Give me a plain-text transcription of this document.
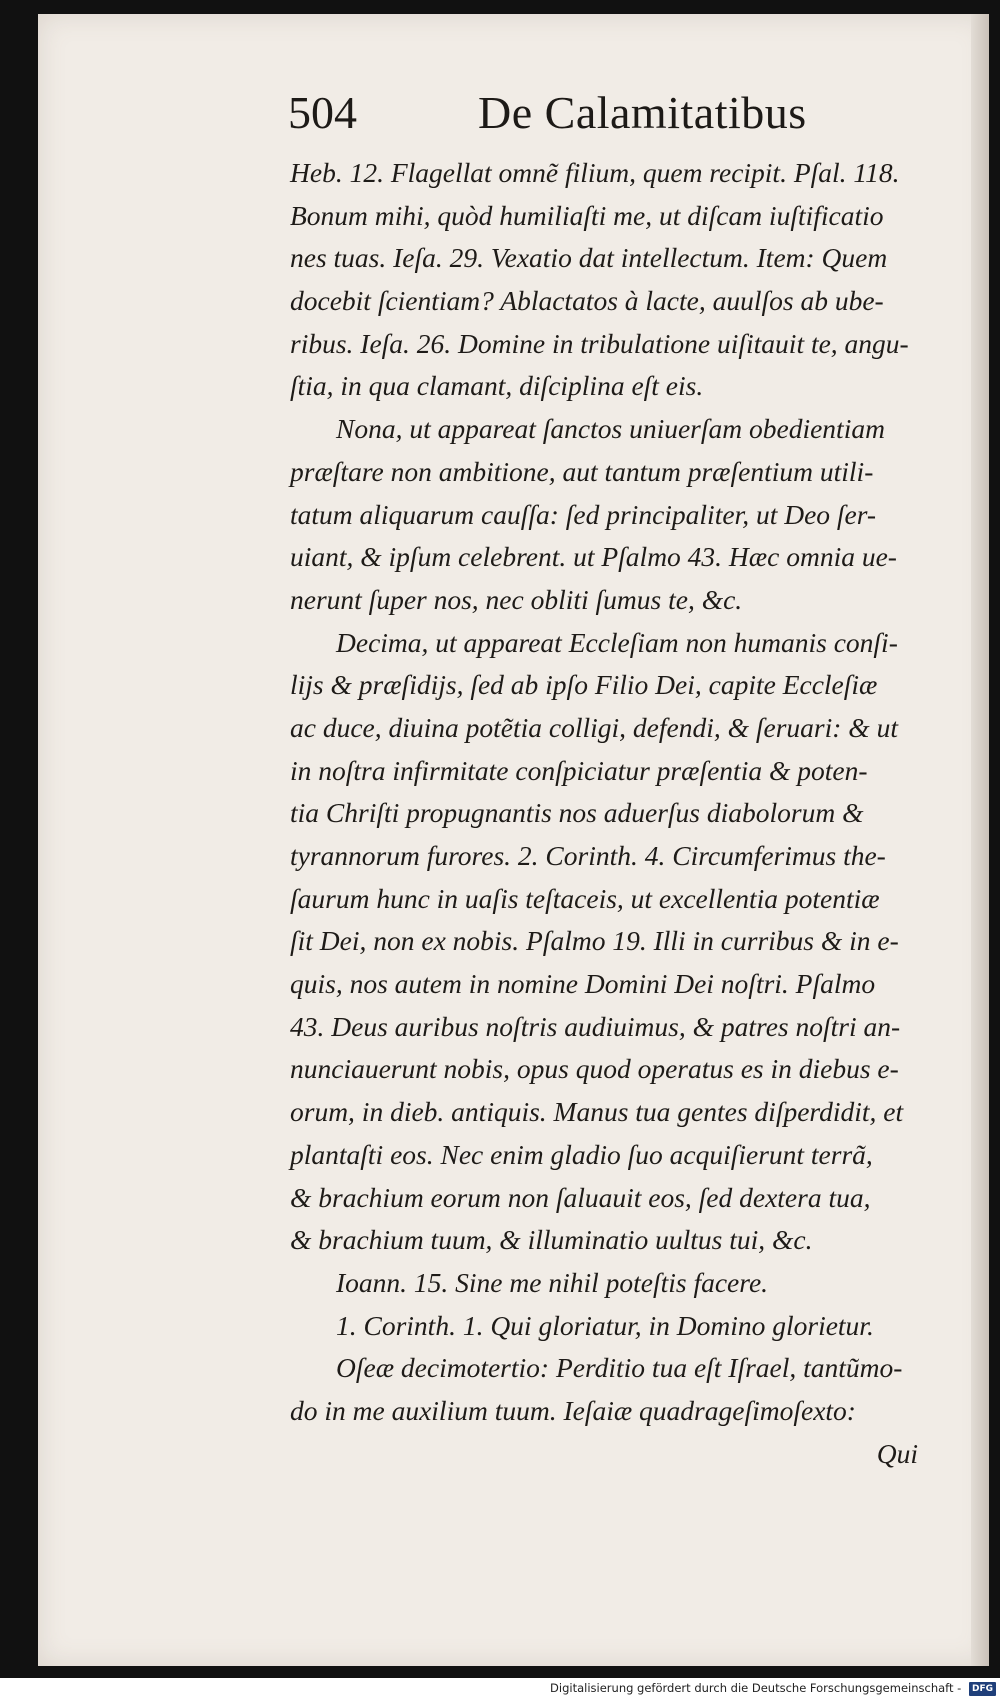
504	De Calamitatibus
Heb. 12. Flagellat omnẽ filium, quem recipit. Pſal. 118.
Bonum mihi, quòd humiliaſti me, ut diſcam iuſtificatio
nes tuas. Ieſa. 29. Vexatio dat intellectum. Item: Quem
docebit ſcientiam? Ablactatos à lacte, auulſos ab ube-
ribus. Ieſa. 26. Domine in tribulatione uiſitauit te, angu-
ſtia, in qua clamant, diſciplina eſt eis.
Nona, ut appareat ſanctos uniuerſam obedientiam
præſtare non ambitione, aut tantum præſentium utili-
tatum aliquarum cauſſa: ſed principaliter, ut Deo ſer-
uiant, & ipſum celebrent. ut Pſalmo 43. Hæc omnia ue-
nerunt ſuper nos, nec obliti ſumus te, &c.
Decima, ut appareat Eccleſiam non humanis conſi-
lijs & præſidijs, ſed ab ipſo Filio Dei, capite Eccleſiæ
ac duce, diuina potẽtia colligi, defendi, & ſeruari: & ut
in noſtra infirmitate conſpiciatur præſentia & poten-
tia Chriſti propugnantis nos aduerſus diabolorum &
tyrannorum furores. 2. Corinth. 4. Circumferimus the-
ſaurum hunc in uaſis teſtaceis, ut excellentia potentiæ
ſit Dei, non ex nobis. Pſalmo 19. Illi in curribus & in e-
quis, nos autem in nomine Domini Dei noſtri. Pſalmo
43. Deus auribus noſtris audiuimus, & patres noſtri an-
nunciauerunt nobis, opus quod operatus es in diebus e-
orum, in dieb. antiquis. Manus tua gentes diſperdidit, et
plantaſti eos. Nec enim gladio ſuo acquiſierunt terrã,
& brachium eorum non ſaluauit eos, ſed dextera tua,
& brachium tuum, & illuminatio uultus tui, &c.
Ioann. 15. Sine me nihil poteſtis facere.
1. Corinth. 1. Qui gloriatur, in Domino glorietur.
Oſeæ decimotertio: Perditio tua eſt Iſrael, tantũmo-
do in me auxilium tuum. Ieſaiæ quadrageſimoſexto:
Qui
Digitalisierung gefördert durch die Deutsche Forschungsgemeinschaft - DFG
